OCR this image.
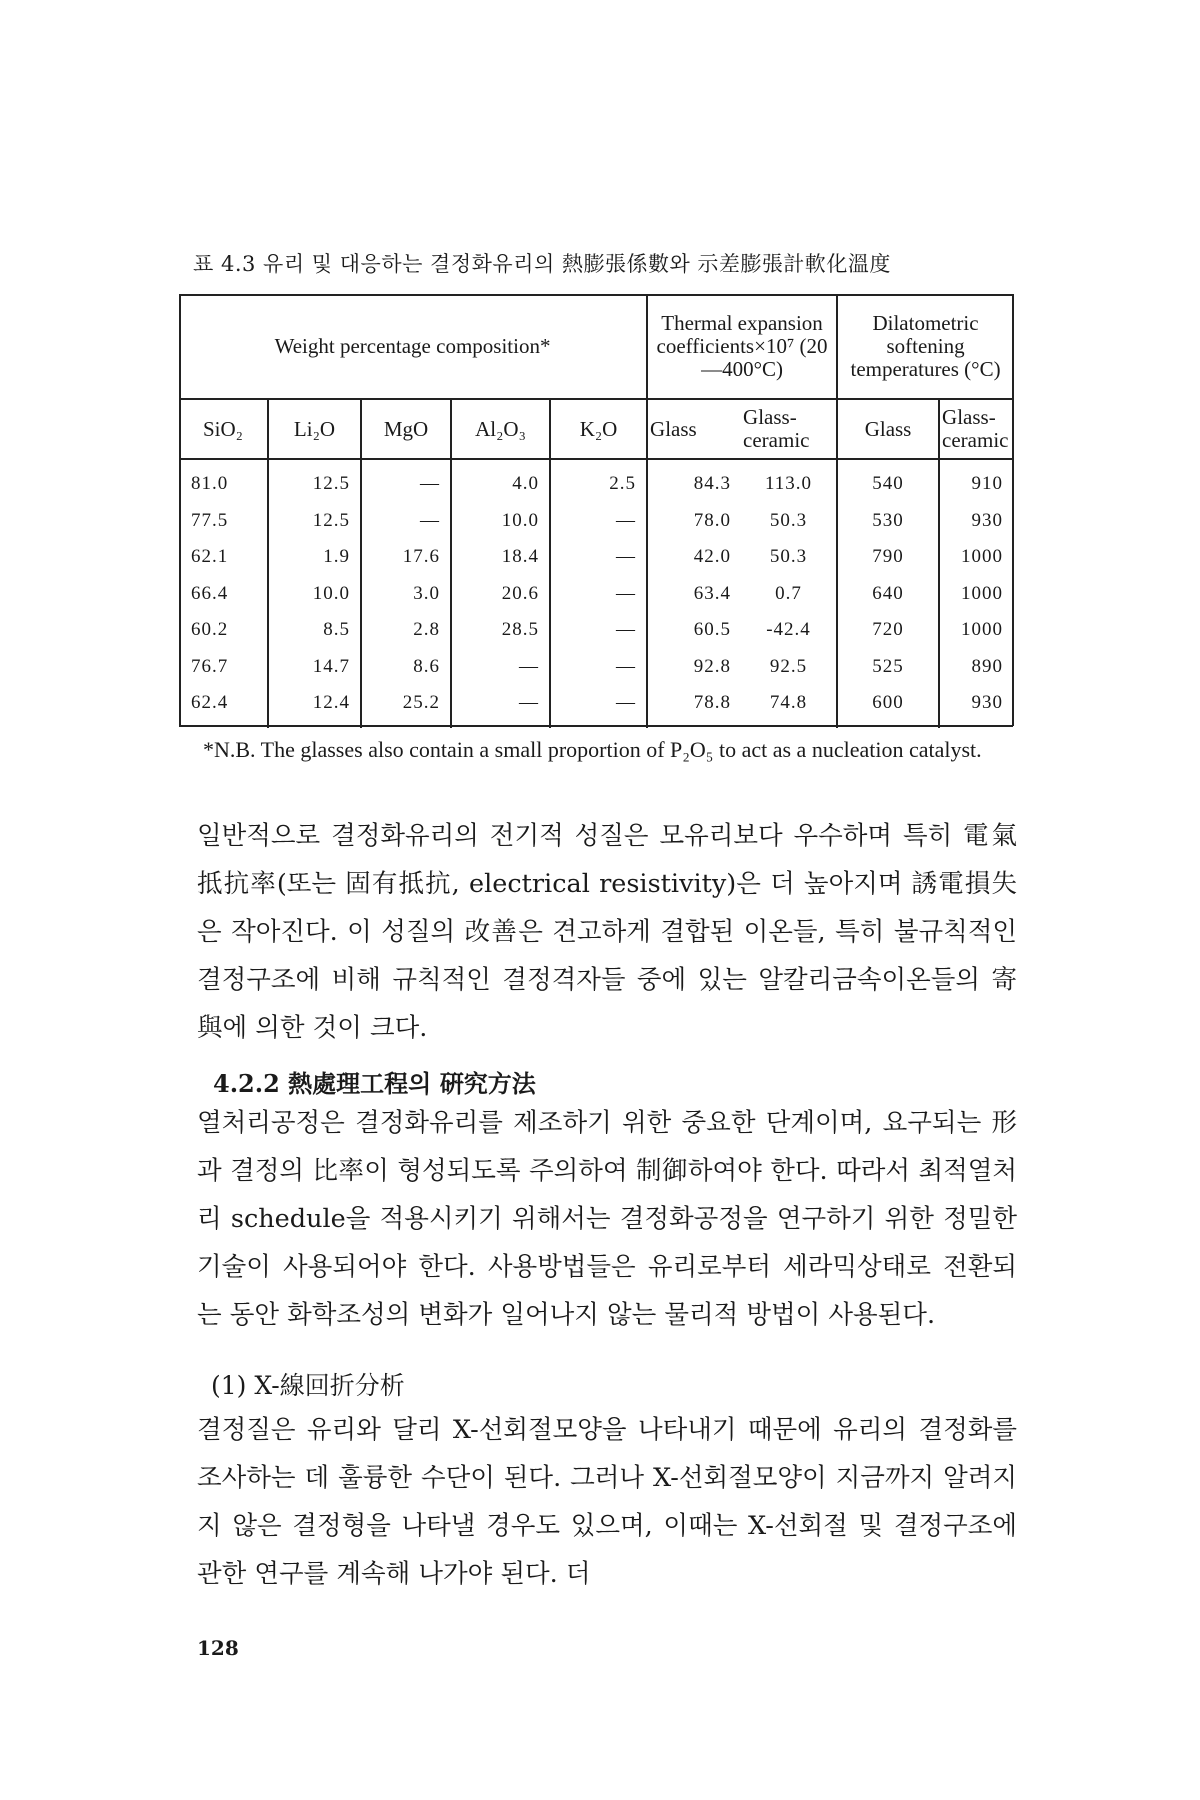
표 4.3 유리 및 대응하는 결정화유리의 熱膨張係數와 示差膨張計軟化溫度
Weight percentage composition*					Thermal expansion coefficients×10⁷ (20—400°C)		Dilatometric softening temperatures (°C)	
SiO₂	Li₂O	MgO	Al₂O₃	K₂O	Glass	Glass-ceramic	Glass	Glass-ceramic
81.0	12.5	—	4.0	2.5	84.3	113.0	540	910
77.5	12.5	—	10.0	—	78.0	50.3	530	930
62.1	1.9	17.6	18.4	—	42.0	50.3	790	1000
66.4	10.0	3.0	20.6	—	63.4	0.7	640	1000
60.2	8.5	2.8	28.5	—	60.5	-42.4	720	1000
76.7	14.7	8.6	—	—	92.8	92.5	525	890
62.4	12.4	25.2	—	—	78.8	74.8	600	930
*N.B. The glasses also contain a small proportion of P₂O₅ to act as a nucleation catalyst.
일반적으로 결정화유리의 전기적 성질은 모유리보다 우수하며 특히 電氣抵抗率(또는 固有抵抗, electrical resistivity)은 더 높아지며 誘電損失은 작아진다. 이 성질의 改善은 견고하게 결합된 이온들, 특히 불규칙적인 결정구조에 비해 규칙적인 결정격자들 중에 있는 알칼리금속이온들의 寄與에 의한 것이 크다.
4.2.2 熱處理工程의 硏究方法
열처리공정은 결정화유리를 제조하기 위한 중요한 단계이며, 요구되는 形과 결정의 比率이 형성되도록 주의하여 制御하여야 한다. 따라서 최적열처리 schedule을 적용시키기 위해서는 결정화공정을 연구하기 위한 정밀한 기술이 사용되어야 한다. 사용방법들은 유리로부터 세라믹상태로 전환되는 동안 화학조성의 변화가 일어나지 않는 물리적 방법이 사용된다.
(1) X-線回折分析
결정질은 유리와 달리 X-선회절모양을 나타내기 때문에 유리의 결정화를 조사하는 데 훌륭한 수단이 된다. 그러나 X-선회절모양이 지금까지 알려지지 않은 결정형을 나타낼 경우도 있으며, 이때는 X-선회절 및 결정구조에 관한 연구를 계속해 나가야 된다. 더
128
